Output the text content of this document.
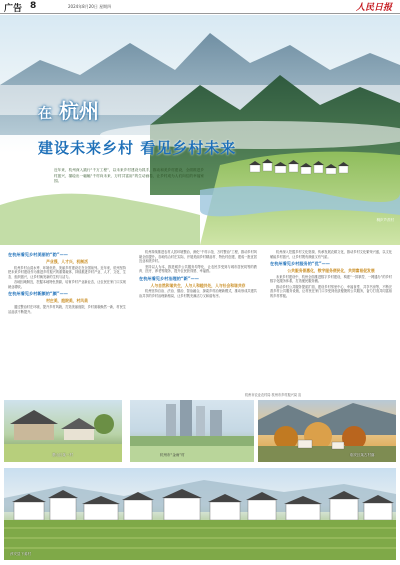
广告 8	2024年8月20日 星期四	人民日报
在 杭州
建设未来乡村 看见乡村未来
桐庐芦茨村
近年来，杭州深入践行“千万工程”，以未来乡村建设为抓手，推动和美乡村建设，全面推进乡村振兴，描绘出一幅幅“千村向未来、万村共富裕”的生动画卷，让乡村成为人们向往的幸福家园。

在杭州看见乡村美丽的“韵”——

产业强，人才兴，机制活

杭州乡村山清水秀、环境优美，美丽乡村建设走在全国前列。近年来，杭州坚持把未来乡村建设作为推进乡村振兴的重要载体，持续推进乡村产业、人才、文化、生态、组织振兴，让乡村焕发新的生机与活力。

各地因地制宜，挖掘本地特色资源，培育乡村产业新业态，让农民在家门口实现就业增收。

在杭州看见乡村新颜的“颜”——

村庄美，庭院美，村风美

通过整治村庄环境，提升乡村风貌，打造美丽庭院，乡村面貌焕然一新，村民生活品质不断提升。

杭州持续推进农村人居环境整治，深化“千村示范、万村整治”工程，推动乡村风貌全面提升。各地结合村庄实际，开展美丽乡村精品村、特色村创建，建成一批宜居宜业和美乡村。

坚持以人为本，推进城乡公共服务均等化，让农民享受到与城市居民同等的教育、医疗、养老等服务，提升农民获得感、幸福感。

在杭州看见乡村治理的“新”——

人与自然和谐共生，人与人和睦共处，人与社会和谐共存

杭州坚持自治、法治、德治、智治融合，探索乡村治理新模式，推动形成共建共治共享的乡村治理新格局，让乡村既充满活力又和谐有序。

杭州深入挖掘乡村文化资源，传承发展农耕文化，推动乡村文化繁荣兴盛，以文化赋能乡村振兴，让乡村既有颜值又有气质。

在杭州看见乡村服务的“优”——

公共服务普惠化，数字服务便民化，共同富裕促发展

未来乡村建设中，杭州全面推进数字乡村建设，构建“一屏掌控、一网通办”的乡村数字化服务体系，打造便民服务圈。

推动乡村公共服务提质扩面，建设乡村邻里中心、幸福食堂、共享书房等，不断完善乡村公共服务设施，让村民在家门口享受到优质便捷的公共服务，奋力打造共同富裕的乡村样板。

杭州市农业农村局 杭州市乡村振兴局 宣
萧山区某一村	杭州市“金雨”村	临安区某古村落
淳安县下姜村
